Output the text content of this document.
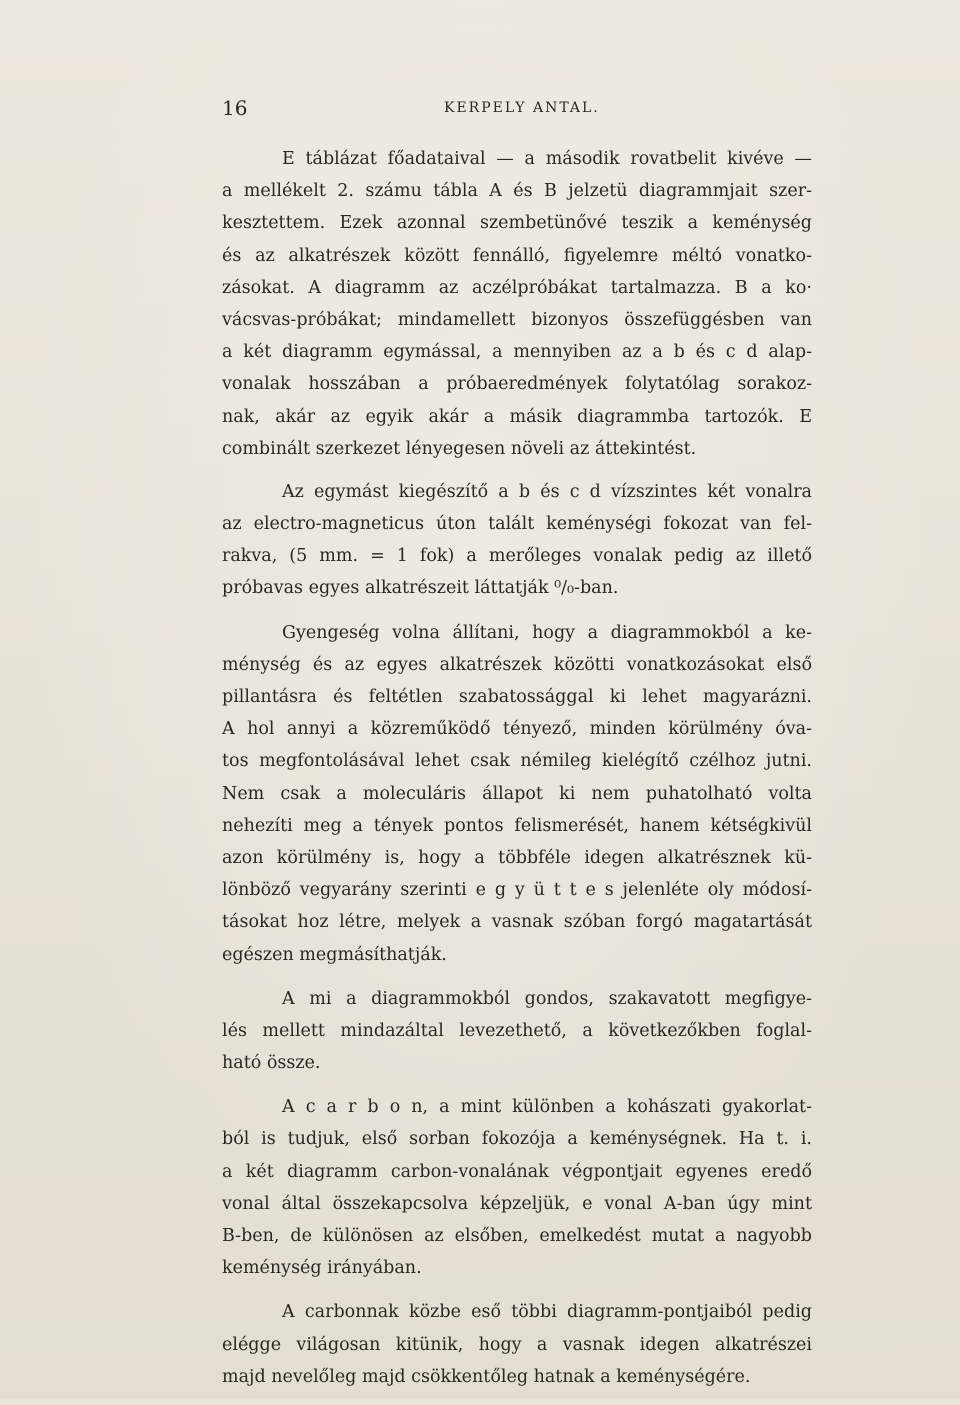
16	KERPELY ANTAL.
E táblázat főadataival — a második rovatbelit kivéve —
a mellékelt 2. számu tábla A és B jelzetü diagrammjait szer-
kesztettem. Ezek azonnal szembetünővé teszik a keménység
és az alkatrészek között fennálló, figyelemre méltó vonatko-
zásokat. A diagramm az aczélpróbákat tartalmazza. B a ko·
vácsvas-próbákat; mindamellett bizonyos összefüggésben van
a két diagramm egymással, a mennyiben az a b és c d alap-
vonalak hosszában a próbaeredmények folytatólag sorakoz-
nak, akár az egyik akár a másik diagrammba tartozók. E
combinált szerkezet lényegesen növeli az áttekintést.
Az egymást kiegészítő a b és c d vízszintes két vonalra
az electro-magneticus úton talált keménységi fokozat van fel-
rakva, (5 mm. = 1 fok) a merőleges vonalak pedig az illető
próbavas egyes alkatrészeit láttatják ⁰/₀-ban.
Gyengeség volna állítani, hogy a diagrammokból a ke-
ménység és az egyes alkatrészek közötti vonatkozásokat első
pillantásra és feltétlen szabatossággal ki lehet magyarázni.
A hol annyi a közreműködő tényező, minden körülmény óva-
tos megfontolásával lehet csak némileg kielégítő czélhoz jutni.
Nem csak a moleculáris állapot ki nem puhatolható volta
nehezíti meg a tények pontos felismerését, hanem kétségkivül
azon körülmény is, hogy a többféle idegen alkatrésznek kü-
lönböző vegyarány szerinti e g y ü t t e s jelenléte oly módosí-
tásokat hoz létre, melyek a vasnak szóban forgó magatartását
egészen megmásíthatják.
A mi a diagrammokból gondos, szakavatott megfigye-
lés mellett mindazáltal levezethető, a következőkben foglal-
ható össze.
A c a r b o n, a mint különben a kohászati gyakorlat-
ból is tudjuk, első sorban fokozója a keménységnek. Ha t. i.
a két diagramm carbon-vonalának végpontjait egyenes eredő
vonal által összekapcsolva képzeljük, e vonal A-ban úgy mint
B-ben, de különösen az elsőben, emelkedést mutat a nagyobb
keménység irányában.
A carbonnak közbe eső többi diagramm-pontjaiból pedig
elégge világosan kitünik, hogy a vasnak idegen alkatrészei
majd nevelőleg majd csökkentőleg hatnak a keménységére.
